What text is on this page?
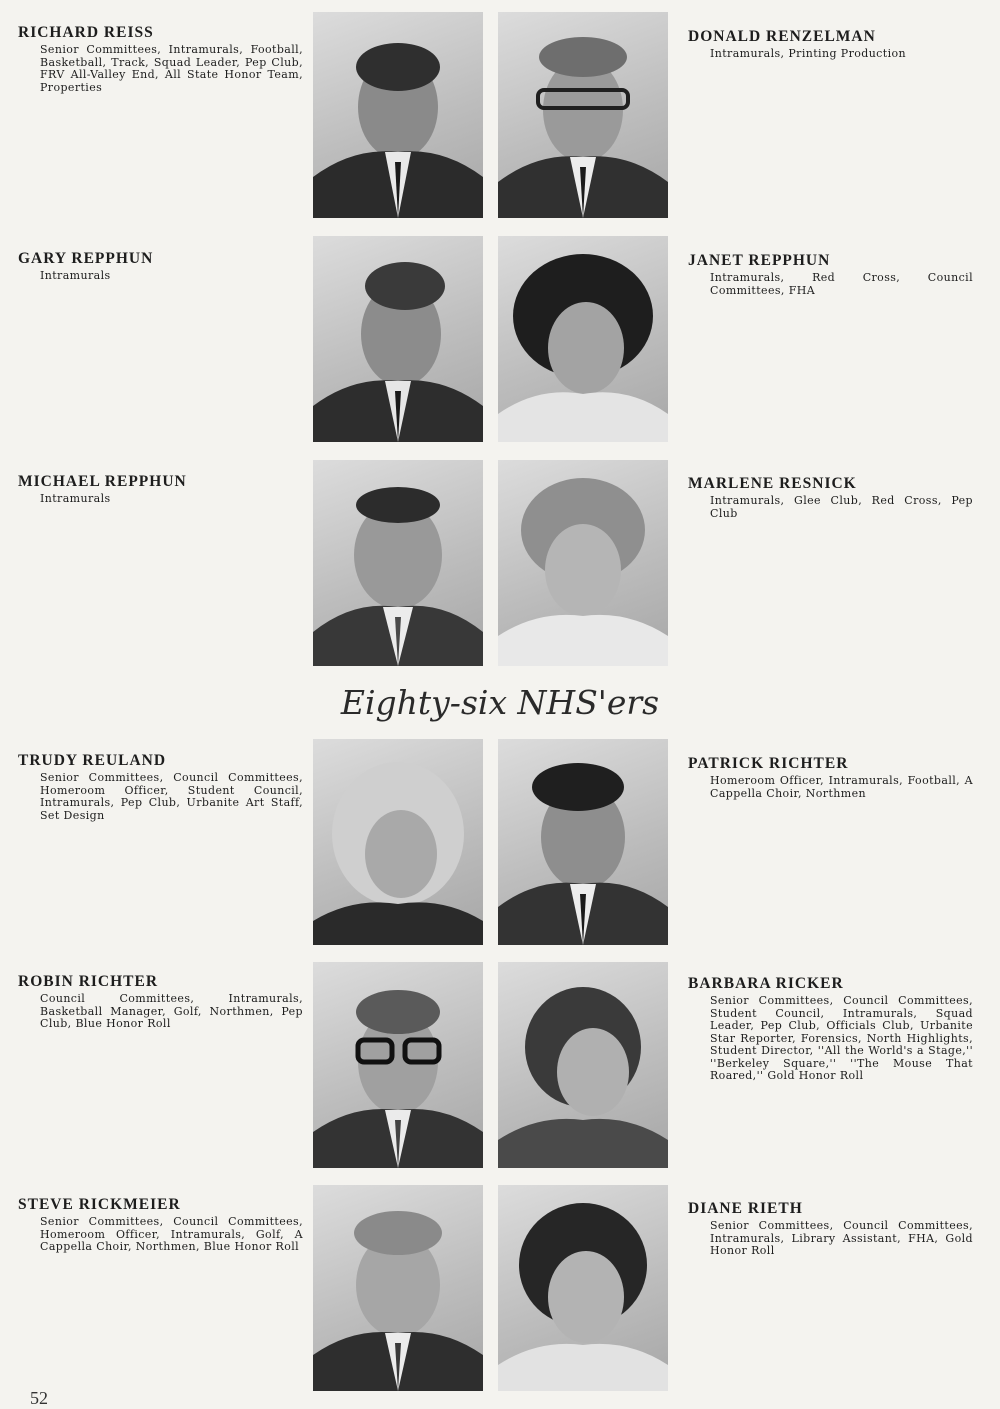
RICHARD REISS
Senior Committees, Intramurals, Football, Basketball, Track, Squad Leader, Pep Club, FRV All-Valley End, All State Honor Team, Properties
DONALD RENZELMAN
Intramurals, Printing Production
GARY REPPHUN
Intramurals
JANET REPPHUN
Intramurals, Red Cross, Council Committees, FHA
MICHAEL REPPHUN
Intramurals
MARLENE RESNICK
Intramurals, Glee Club, Red Cross, Pep Club
Eighty-six NHS'ers
TRUDY REULAND
Senior Committees, Council Committees, Homeroom Officer, Student Council, Intramurals, Pep Club, Urbanite Art Staff, Set Design
PATRICK RICHTER
Homeroom Officer, Intramurals, Football, A Cappella Choir, Northmen
ROBIN RICHTER
Council Committees, Intramurals, Basketball Manager, Golf, Northmen, Pep Club, Blue Honor Roll
BARBARA RICKER
Senior Committees, Council Committees, Student Council, Intramurals, Squad Leader, Pep Club, Officials Club, Urbanite Star Reporter, Forensics, North Highlights, Student Director, ''All the World's a Stage,'' ''Berkeley Square,'' ''The Mouse That Roared,'' Gold Honor Roll
STEVE RICKMEIER
Senior Committees, Council Committees, Homeroom Officer, Intramurals, Golf, A Cappella Choir, Northmen, Blue Honor Roll
DIANE RIETH
Senior Committees, Council Committees, Intramurals, Library Assistant, FHA, Gold Honor Roll
52
